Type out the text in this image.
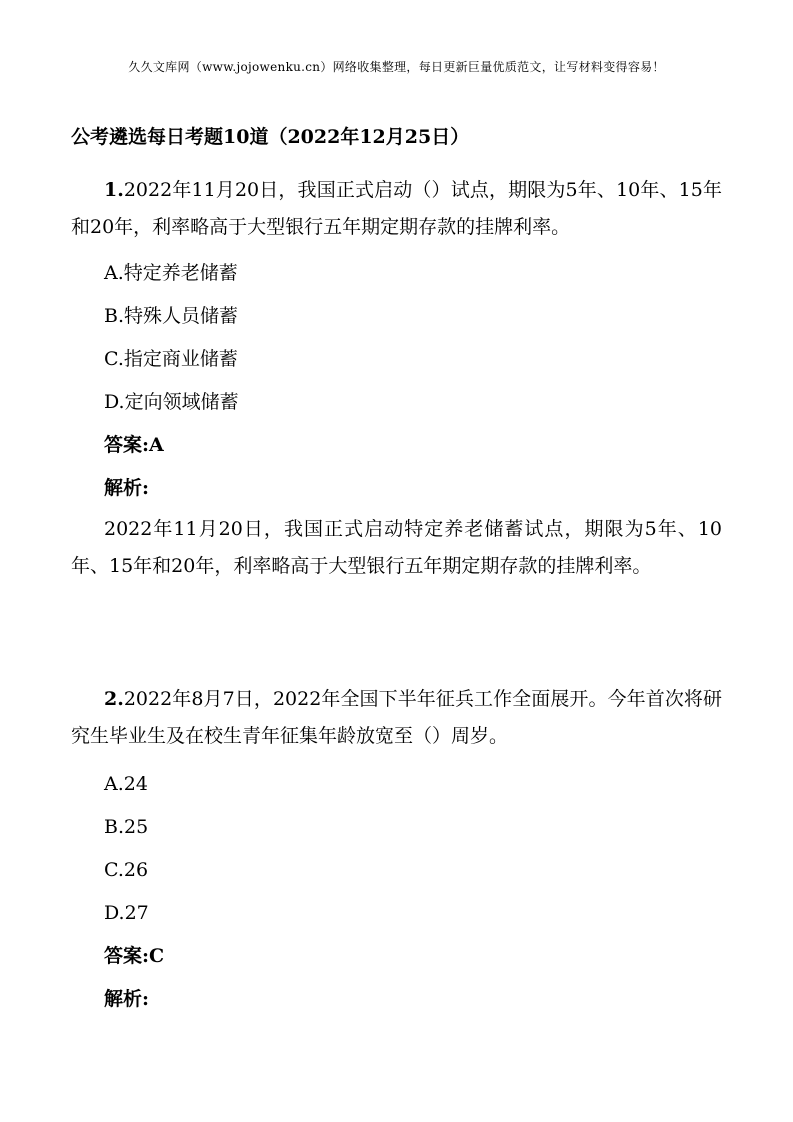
久久文库网（www.jojowenku.cn）网络收集整理，每日更新巨量优质范文，让写材料变得容易！
公考遴选每日考题10道（2022年12月25日）

1.2022年11月20日，我国正式启动（）试点，期限为5年、10年、15年和20年，利率略高于大型银行五年期定期存款的挂牌利率。

A.特定养老储蓄

B.特殊人员储蓄

C.指定商业储蓄

D.定向领域储蓄

答案:A

解析:

2022年11月20日，我国正式启动特定养老储蓄试点，期限为5年、10年、15年和20年，利率略高于大型银行五年期定期存款的挂牌利率。

2.2022年8月7日，2022年全国下半年征兵工作全面展开。今年首次将研究生毕业生及在校生青年征集年龄放宽至（）周岁。

A.24

B.25

C.26

D.27

答案:C

解析:
